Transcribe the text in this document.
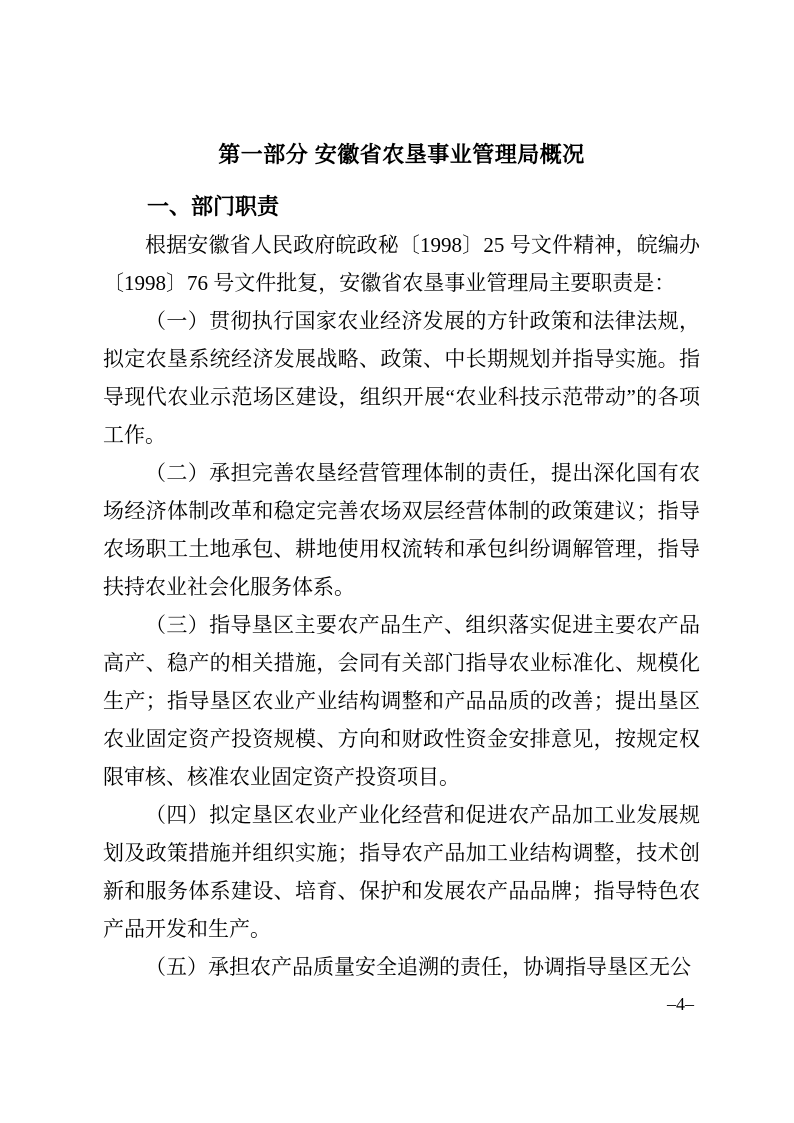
第一部分 安徽省农垦事业管理局概况
一、部门职责

根据安徽省人民政府皖政秘〔1998〕25 号文件精神，皖编办〔1998〕76 号文件批复，安徽省农垦事业管理局主要职责是：

（一）贯彻执行国家农业经济发展的方针政策和法律法规，拟定农垦系统经济发展战略、政策、中长期规划并指导实施。指导现代农业示范场区建设，组织开展“农业科技示范带动”的各项工作。

（二）承担完善农垦经营管理体制的责任，提出深化国有农场经济体制改革和稳定完善农场双层经营体制的政策建议；指导农场职工土地承包、耕地使用权流转和承包纠纷调解管理，指导扶持农业社会化服务体系。

（三）指导垦区主要农产品生产、组织落实促进主要农产品高产、稳产的相关措施，会同有关部门指导农业标准化、规模化生产；指导垦区农业产业结构调整和产品品质的改善；提出垦区农业固定资产投资规模、方向和财政性资金安排意见，按规定权限审核、核准农业固定资产投资项目。

（四）拟定垦区农业产业化经营和促进农产品加工业发展规划及政策措施并组织实施；指导农产品加工业结构调整，技术创新和服务体系建设、培育、保护和发展农产品品牌；指导特色农产品开发和生产。

（五）承担农产品质量安全追溯的责任，协调指导垦区无公

–4–
